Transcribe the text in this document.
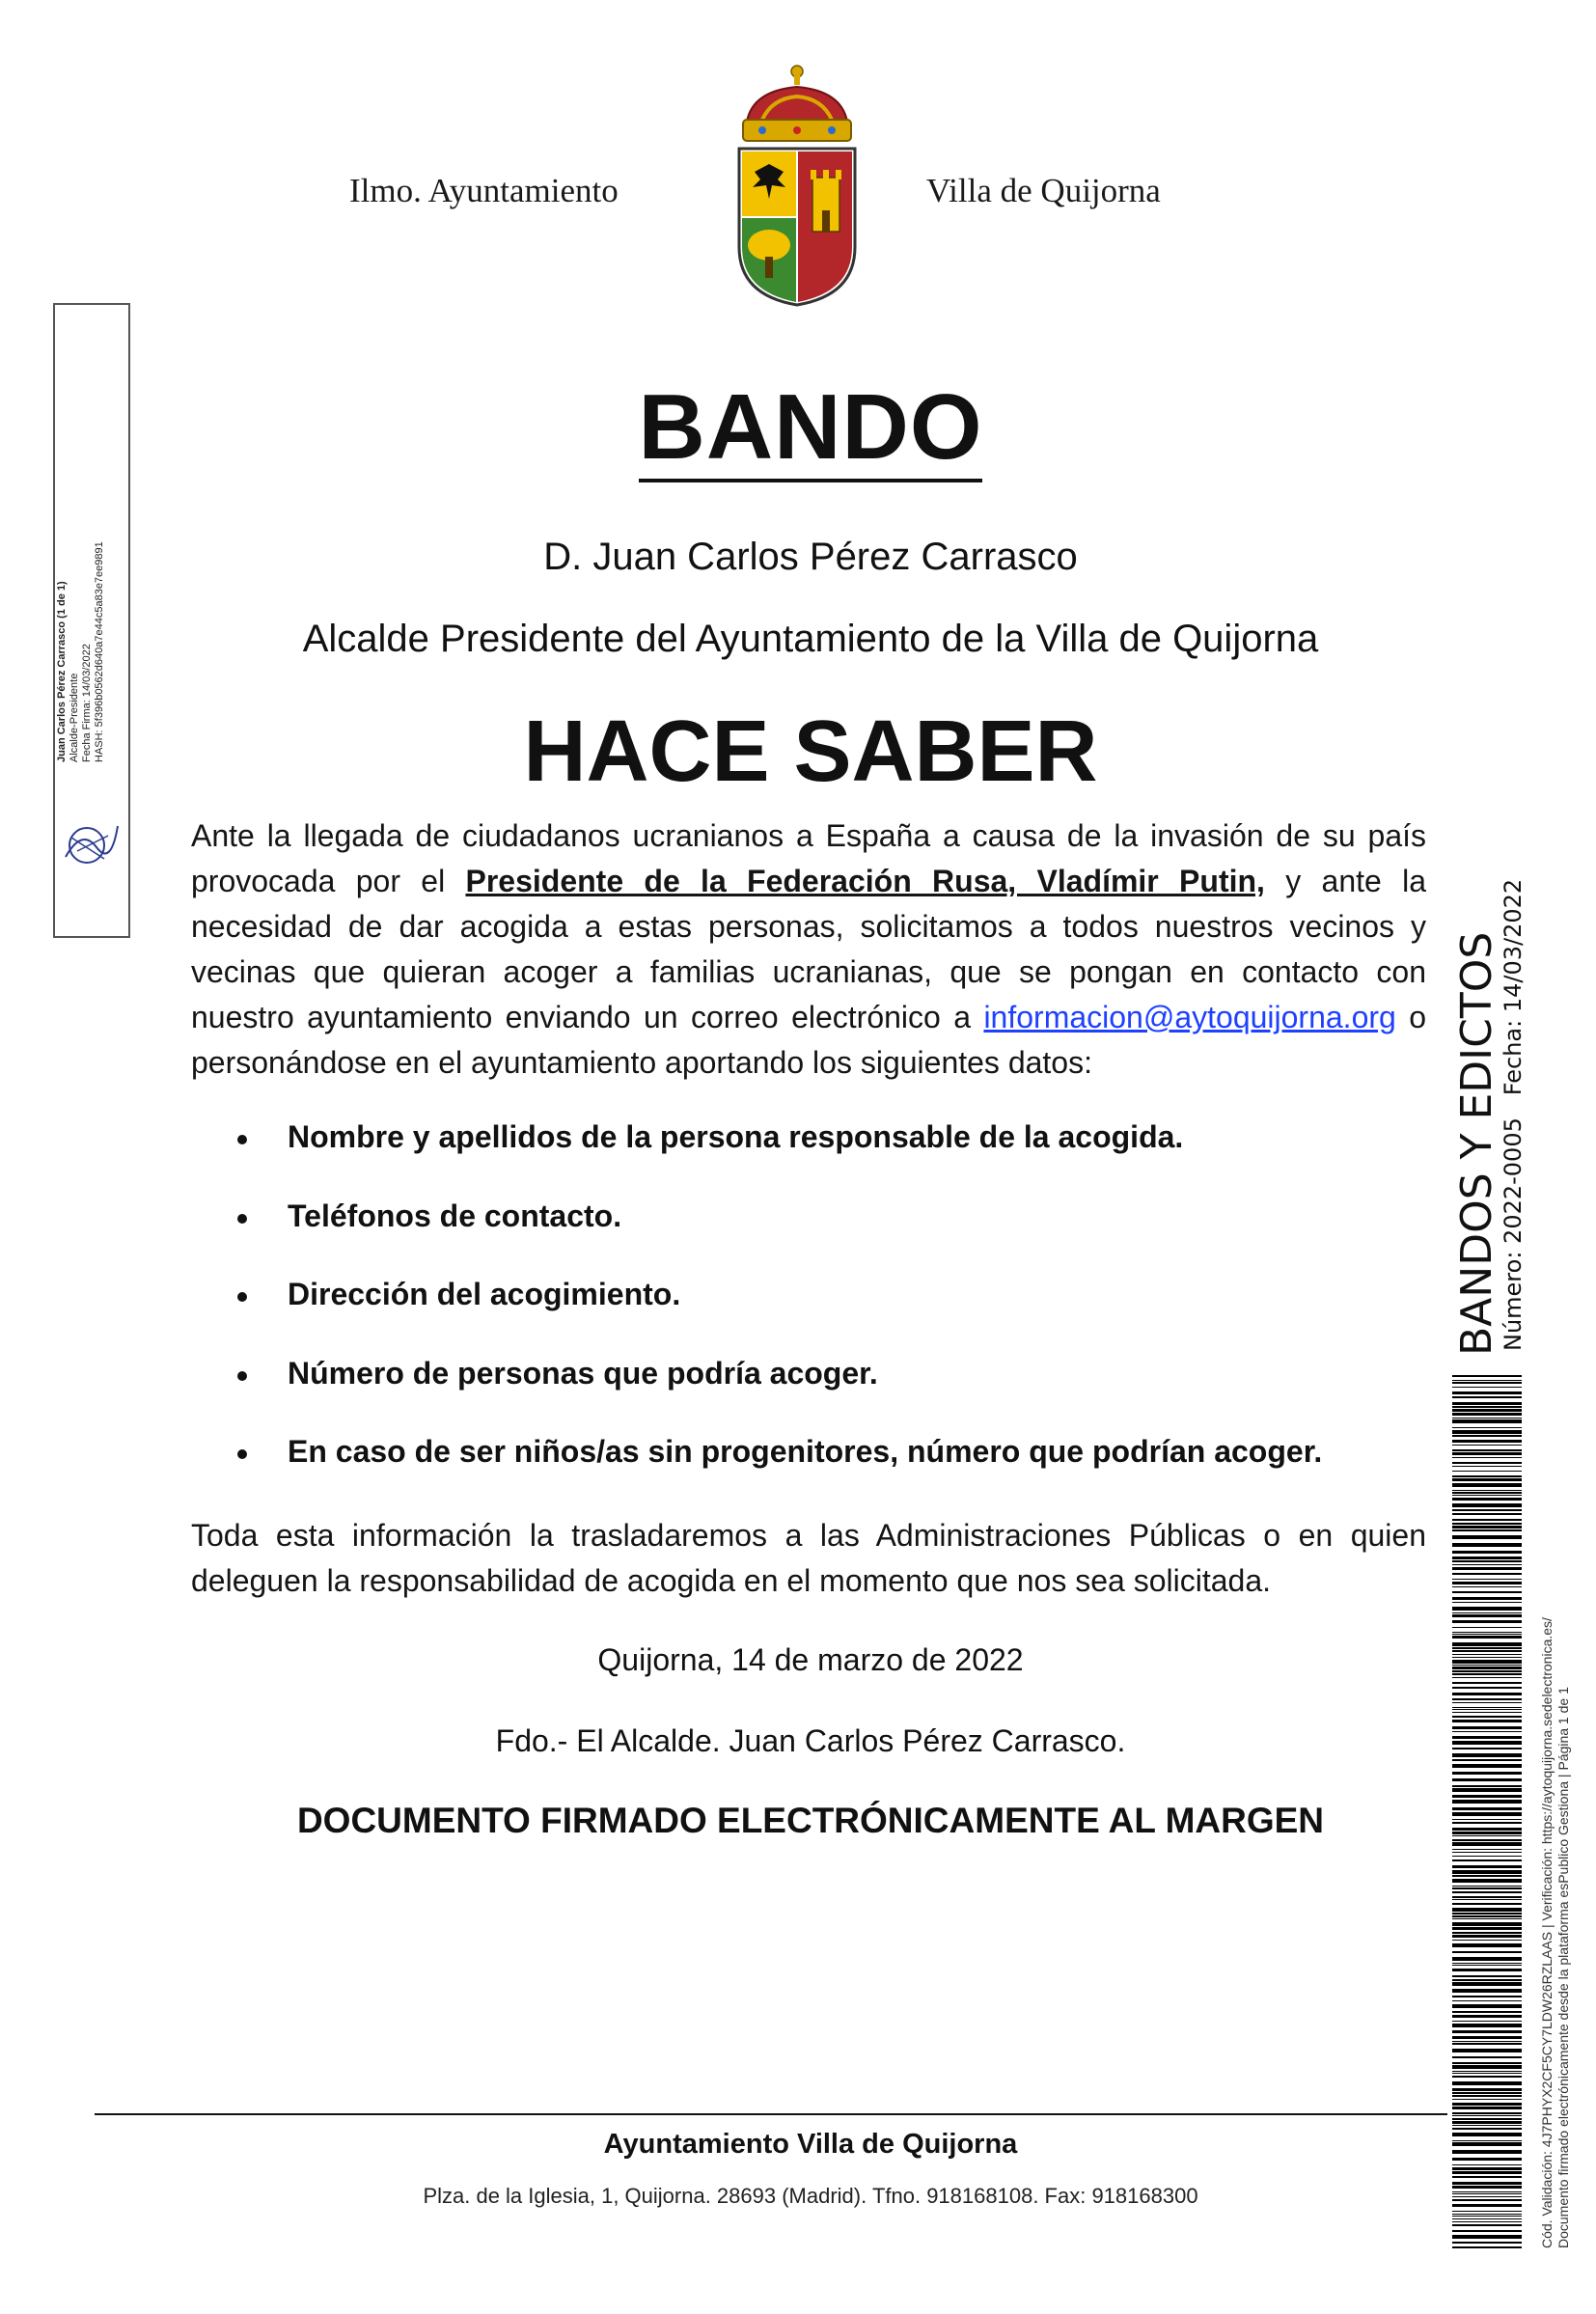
Ilmo. Ayuntamiento	Villa de Quijorna
Juan Carlos Pérez Carrasco (1 de 1) Alcalde-Presidente Fecha Firma: 14/03/2022 HASH: 5f396b0562d640a7e44c5a83e7ee9891
BANDO
D. Juan Carlos Pérez Carrasco
Alcalde Presidente del Ayuntamiento de la Villa de Quijorna
HACE SABER
Ante la llegada de ciudadanos ucranianos a España a causa de la invasión de su país provocada por el Presidente de la Federación Rusa, Vladímir Putin, y ante la necesidad de dar acogida a estas personas, solicitamos a todos nuestros vecinos y vecinas que quieran acoger a familias ucranianas, que se pongan en contacto con nuestro ayuntamiento enviando un correo electrónico a informacion@aytoquijorna.org o personándose en el ayuntamiento aportando los siguientes datos:
Nombre y apellidos de la persona responsable de la acogida.
Teléfonos de contacto.
Dirección del acogimiento.
Número de personas que podría acoger.
En caso de ser niños/as sin progenitores, número que podrían acoger.
Toda esta información la trasladaremos a las Administraciones Públicas o en quien deleguen la responsabilidad de acogida en el momento que nos sea solicitada.
Quijorna, 14 de marzo de 2022
Fdo.- El Alcalde. Juan Carlos Pérez Carrasco.
DOCUMENTO FIRMADO ELECTRÓNICAMENTE AL MARGEN
BANDOS Y EDICTOS
Número: 2022-0005   Fecha: 14/03/2022
Cód. Validación: 4J7PHYX2CF5CY7LDW26RZLAAS | Verificación: https://aytoquijorna.sedelectronica.es/ Documento firmado electrónicamente desde la plataforma esPublico Gestiona | Página 1 de 1
Ayuntamiento Villa de Quijorna
Plza. de la Iglesia, 1, Quijorna. 28693 (Madrid). Tfno. 918168108. Fax: 918168300
